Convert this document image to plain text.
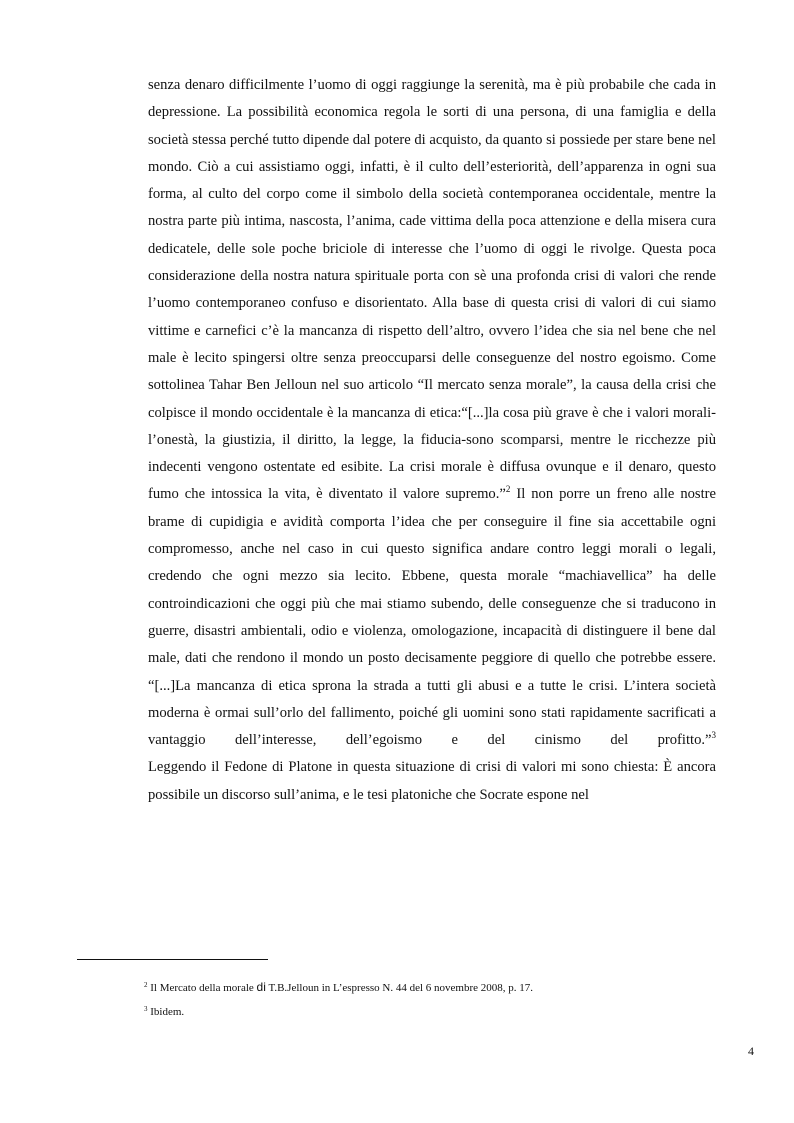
senza denaro difficilmente l’uomo di oggi raggiunge la serenità, ma è più probabile che cada in depressione. La possibilità economica regola le sorti di una persona, di una famiglia e della società stessa perché tutto dipende dal potere di acquisto, da quanto si possiede per stare bene nel mondo. Ciò a cui assistiamo oggi, infatti, è il culto dell’esteriorità, dell’apparenza in ogni sua forma, al culto del corpo come il simbolo della società contemporanea occidentale, mentre la nostra parte più intima, nascosta, l’anima, cade vittima della poca attenzione e della misera cura dedicatele, delle sole poche briciole di interesse che l’uomo di oggi le rivolge. Questa poca considerazione della nostra natura spirituale porta con sè una profonda crisi di valori che rende l’uomo contemporaneo confuso e disorientato. Alla base di questa crisi di valori di cui siamo vittime e carnefici c’è la mancanza di rispetto dell’altro, ovvero l’idea che sia nel bene che nel male è lecito spingersi oltre senza preoccuparsi delle conseguenze del nostro egoismo. Come sottolinea Tahar Ben Jelloun nel suo articolo “Il mercato senza morale”, la causa della crisi che colpisce il mondo occidentale è la mancanza di etica:“[...]la cosa più grave è che i valori morali-l’onestà, la giustizia, il diritto, la legge, la fiducia-sono scomparsi, mentre le ricchezze più indecenti vengono ostentate ed esibite. La crisi morale è diffusa ovunque e il denaro, questo fumo che intossica la vita, è diventato il valore supremo.”$^2$ Il non porre un freno alle nostre brame di cupidigia e avidità comporta l’idea che per conseguire il fine sia accettabile ogni compromesso, anche nel caso in cui questo significa andare contro leggi morali o legali, credendo che ogni mezzo sia lecito. Ebbene, questa morale “machiavellica” ha delle controindicazioni che oggi più che mai stiamo subendo, delle conseguenze che si traducono in guerre, disastri ambientali, odio e violenza, omologazione, incapacità di distinguere il bene dal male, dati che rendono il mondo un posto decisamente peggiore di quello che potrebbe essere.

“[...]La mancanza di etica sprona la strada a tutti gli abusi e a tutte le crisi. L’intera società moderna è ormai sull’orlo del fallimento, poiché gli uomini sono stati rapidamente sacrificati a vantaggio dell’interesse, dell’egoismo e del cinismo del profitto.”$^3$

Leggendo il Fedone di Platone in questa situazione di crisi di valori mi sono chiesta: È ancora possibile un discorso sull’anima, e le tesi platoniche che Socrate espone nel

$^2$ Il Mercato della morale di T.B.Jelloun in L’espresso N. 44 del 6 novembre 2008, p. 17.

$^3$ Ibidem.

4
